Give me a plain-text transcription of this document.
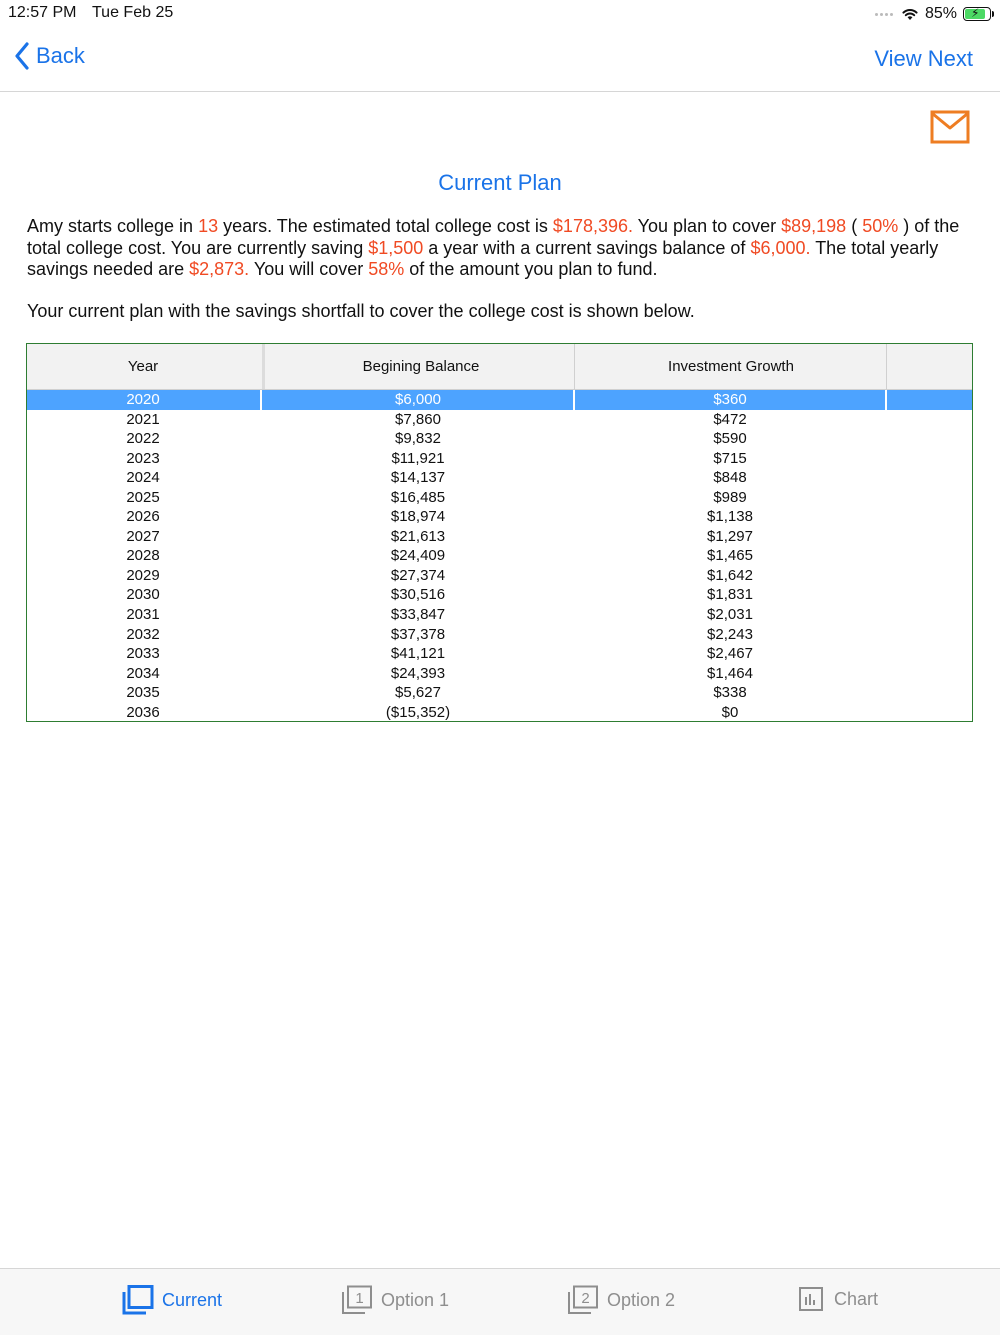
12:57 PM Tue Feb 25	85% ⚡
Back	View Next
Current Plan
Amy starts college in 13 years. The estimated total college cost is $178,396. You plan to cover $89,198 ( 50% ) of the total college cost. You are currently saving $1,500 a year with a current savings balance of $6,000. The total yearly savings needed are $2,873. You will cover 58% of the amount you plan to fund.
Your current plan with the savings shortfall to cover the college cost is shown below.
Year	Begining Balance	Investment Growth
2020	$6,000	$360
2021	$7,860	$472
2022	$9,832	$590
2023	$11,921	$715
2024	$14,137	$848
2025	$16,485	$989
2026	$18,974	$1,138
2027	$21,613	$1,297
2028	$24,409	$1,465
2029	$27,374	$1,642
2030	$30,516	$1,831
2031	$33,847	$2,031
2032	$37,378	$2,243
2033	$41,121	$2,467
2034	$24,393	$1,464
2035	$5,627	$338
2036	($15,352)	$0
Current	1 Option 1	2 Option 2	Chart
